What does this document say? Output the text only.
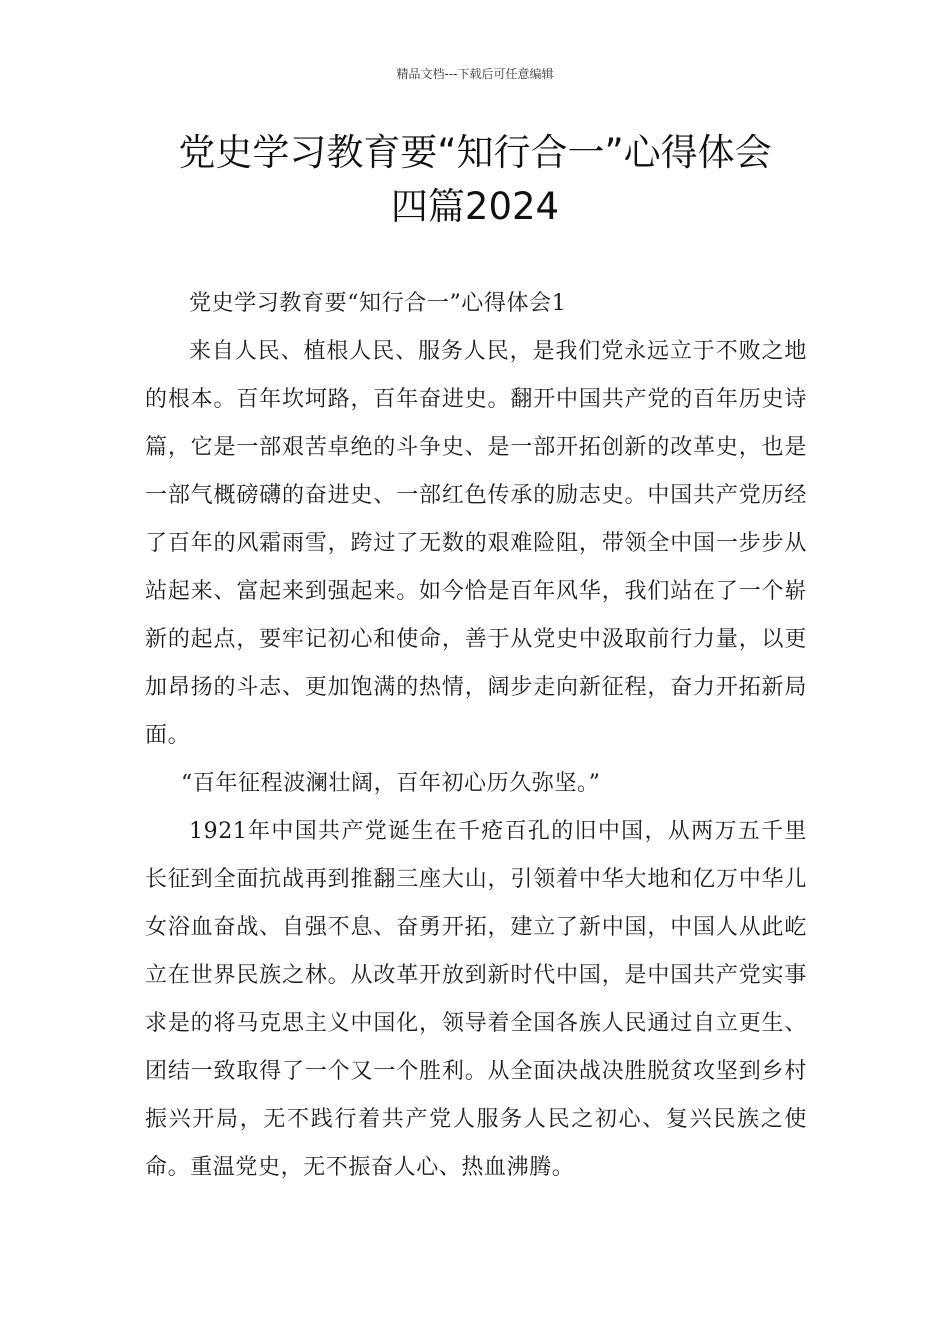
精品文档---下载后可任意编辑
党史学习教育要“知行合一”心得体会
四篇2024

党史学习教育要“知行合一”心得体会1

来自人民、植根人民、服务人民，是我们党永远立于不败之地的根本。百年坎坷路，百年奋进史。翻开中国共产党的百年历史诗篇，它是一部艰苦卓绝的斗争史、是一部开拓创新的改革史，也是一部气概磅礴的奋进史、一部红色传承的励志史。中国共产党历经了百年的风霜雨雪，跨过了无数的艰难险阻，带领全中国一步步从站起来、富起来到强起来。如今恰是百年风华，我们站在了一个崭新的起点，要牢记初心和使命，善于从党史中汲取前行力量，以更加昂扬的斗志、更加饱满的热情，阔步走向新征程，奋力开拓新局面。

“百年征程波澜壮阔，百年初心历久弥坚。”

1921年中国共产党诞生在千疮百孔的旧中国，从两万五千里长征到全面抗战再到推翻三座大山，引领着中华大地和亿万中华儿女浴血奋战、自强不息、奋勇开拓，建立了新中国，中国人从此屹立在世界民族之林。从改革开放到新时代中国，是中国共产党实事求是的将马克思主义中国化，领导着全国各族人民通过自立更生、团结一致取得了一个又一个胜利。从全面决战决胜脱贫攻坚到乡村振兴开局，无不践行着共产党人服务人民之初心、复兴民族之使命。重温党史，无不振奋人心、热血沸腾。
